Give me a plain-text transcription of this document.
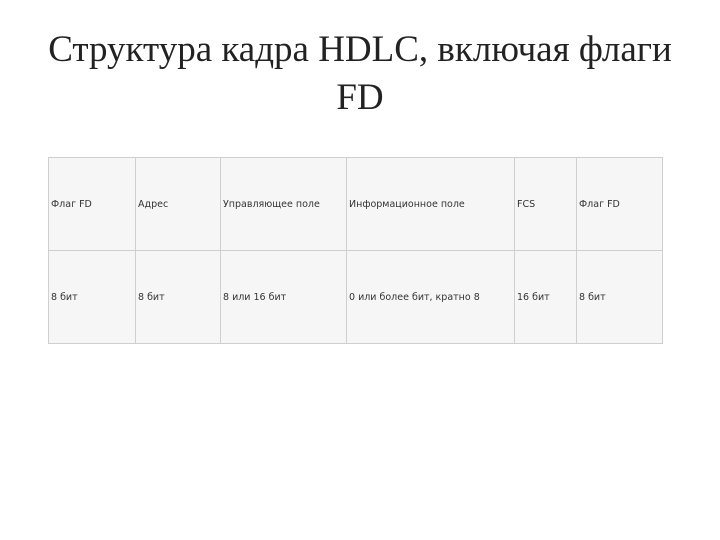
Структура кадра HDLC, включая флаги FD
Флаг FD	Адрес	Управляющее поле	Информационное поле	FCS	Флаг FD
8 бит	8 бит	8 или 16 бит	0 или более бит, кратно 8	16 бит	8 бит
